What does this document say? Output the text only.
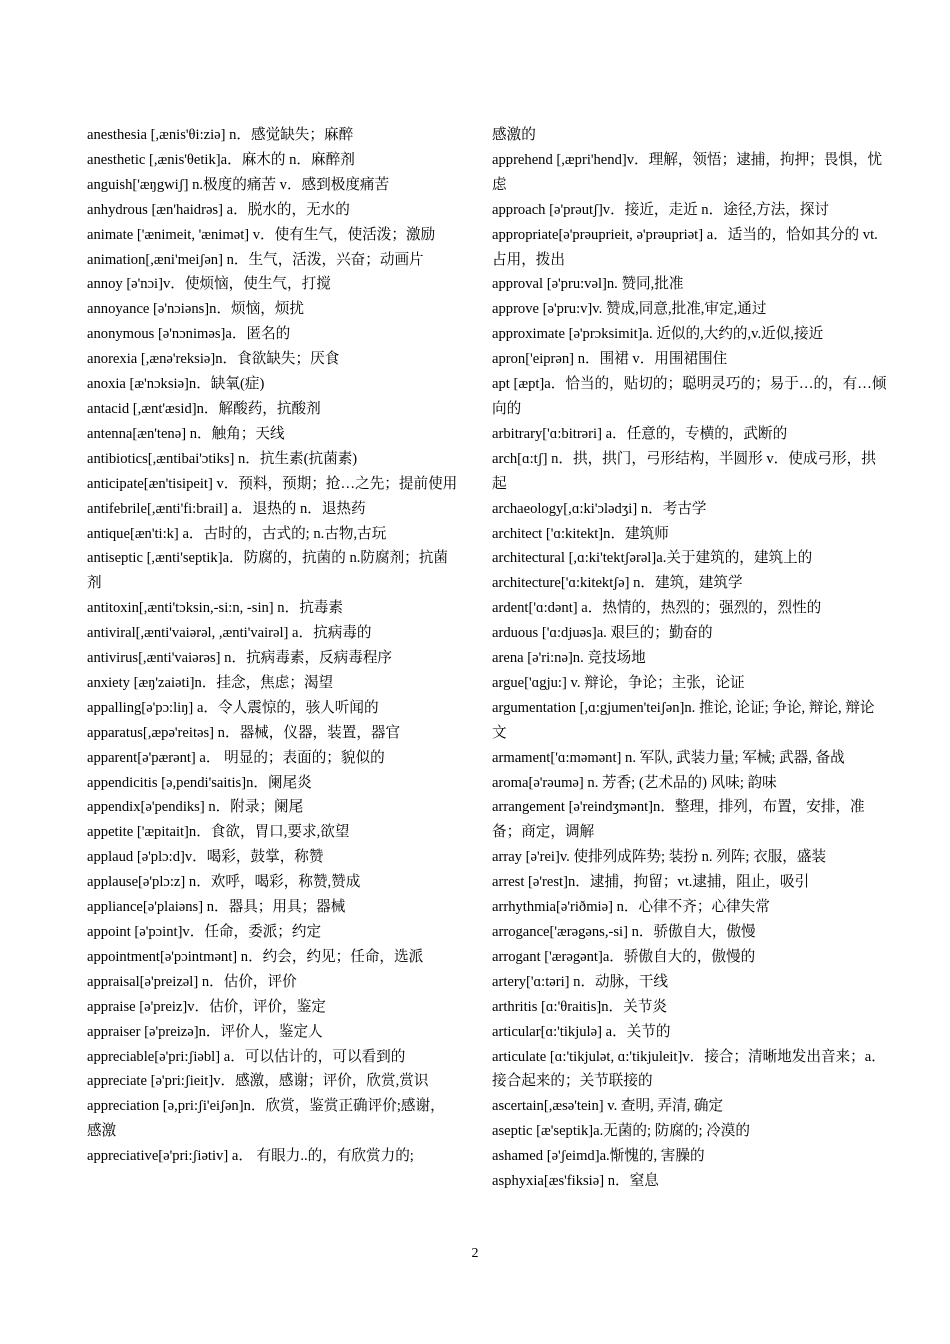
anesthesia [,ænis'θi:ziə] n．感觉缺失；麻醉

anesthetic [,ænis'θetik]a．麻木的 n．麻醉剂

anguish['æŋgwiʃ] n.极度的痛苦 v．感到极度痛苦

anhydrous [æn'haidrəs] a．脱水的，无水的

animate ['ænimeit, 'ænimət] v．使有生气，使活泼；激励

animation[,æni'meiʃən] n．生气，活泼，兴奋；动画片

annoy [ə'nɔi]v．使烦恼，使生气，打搅

annoyance [ə'nɔiəns]n．烦恼，烦扰

anonymous [ə'nɔniməs]a．匿名的

anorexia [,ænə'reksiə]n．食欲缺失；厌食

anoxia [æ'nɔksiə]n．缺氧(症)

antacid [,ænt'æsid]n．解酸药，抗酸剂

antenna[æn'tenə] n．触角；天线

antibiotics[,æntibai'ɔtiks] n．抗生素(抗菌素)

anticipate[æn'tisipeit] v．预料，预期；抢…之先；提前使用

antifebrile[,ænti'fi:brail] a．退热的 n．退热药

antique[æn'ti:k] a．古时的，古式的; n.古物,古玩

antiseptic [,ænti'septik]a．防腐的，抗菌的 n.防腐剂；抗菌剂

antitoxin[,ænti'tɔksin,-si:n, -sin] n．抗毒素

antiviral[,ænti'vaiərəl, ,ænti'vairəl] a．抗病毒的

antivirus[,ænti'vaiərəs] n．抗病毒素，反病毒程序

anxiety [æŋ'zaiəti]n．挂念，焦虑；渴望

appalling[ə'pɔ:liŋ] a．令人震惊的，骇人听闻的

apparatus[,æpə'reitəs] n．器械，仪器，装置，器官

apparent[ə'pærənt] a． 明显的；表面的；貌似的

appendicitis [ə,pendi'saitis]n．阑尾炎

appendix[ə'pendiks] n．附录；阑尾

appetite ['æpitait]n．食欲，胃口,要求,欲望

applaud [ə'plɔ:d]v．喝彩，鼓掌，称赞

applause[ə'plɔ:z] n．欢呼，喝彩，称赞,赞成

appliance[ə'plaiəns] n．器具；用具；器械

appoint [ə'pɔint]v．任命，委派；约定

appointment[ə'pɔintmənt] n．约会，约见；任命，选派

appraisal[ə'preizəl] n．估价，评价

appraise [ə'preiz]v．估价，评价，鉴定

appraiser [ə'preizə]n．评价人，鉴定人

appreciable[ə'pri:ʃiəbl] a．可以估计的，可以看到的

appreciate [ə'pri:ʃieit]v．感激，感谢；评价，欣赏,赏识

appreciation [ə,pri:ʃi'eiʃən]n．欣赏，鉴赏正确评价;感谢，感激

appreciative[ə'pri:ʃiətiv] a． 有眼力..的，有欣赏力的;

感激的

apprehend [,æpri'hend]v．理解，领悟；逮捕，拘押；畏惧，忧虑

approach [ə'prəutʃ]v．接近，走近 n．途径,方法，探讨

appropriate[ə'prəuprieit, ə'prəupriət] a．适当的，恰如其分的 vt.占用，拨出

approval [ə'pru:vəl]n. 赞同,批准

approve [ə'pru:v]v. 赞成,同意,批准,审定,通过

approximate [ə'prɔksimit]a. 近似的,大约的,v.近似,接近

apron['eiprən] n．围裙 v．用围裙围住

apt [æpt]a．恰当的，贴切的；聪明灵巧的；易于…的，有…倾向的

arbitrary['ɑ:bitrəri] a．任意的，专横的，武断的

arch[ɑ:tʃ] n．拱，拱门，弓形结构，半圆形 v．使成弓形，拱起

archaeology[,ɑ:ki'ɔlədʒi] n．考古学

architect ['ɑ:kitekt]n．建筑师

architectural [,ɑ:ki'tektʃərəl]a.关于建筑的，建筑上的

architecture['ɑ:kitektʃə] n．建筑，建筑学

ardent['ɑ:dənt] a．热情的，热烈的；强烈的，烈性的

arduous ['ɑ:djuəs]a. 艰巨的；勤奋的

arena [ə'ri:nə]n. 竞技场地

argue['ɑgju:] v. 辩论，争论；主张，论证

argumentation [,ɑ:gjumen'teiʃən]n. 推论, 论证; 争论, 辩论, 辩论文

armament['ɑ:məmənt] n. 军队, 武装力量; 军械; 武器, 备战

aroma[ə'rəumə] n. 芳香; (艺术品的) 风味; 韵味

arrangement [ə'reindʒmənt]n．整理，排列，布置，安排，准备；商定，调解

array [ə'rei]v. 使排列成阵势; 装扮 n. 列阵; 衣服，盛装

arrest [ə'rest]n．逮捕，拘留；vt.逮捕，阻止，吸引

arrhythmia[ə'riðmiə] n．心律不齐；心律失常

arrogance['ærəgəns,-si] n．骄傲自大，傲慢

arrogant ['ærəgənt]a．骄傲自大的，傲慢的

artery['ɑ:təri] n．动脉，干线

arthritis [ɑ:'θraitis]n．关节炎

articular[ɑ:'tikjulə] a．关节的

articulate [ɑ:'tikjulət, ɑ:'tikjuleit]v．接合；清晰地发出音来；a．接合起来的；关节联接的

ascertain[,æsə'tein] v. 查明, 弄清, 确定

aseptic [æ'septik]a.无菌的; 防腐的; 冷漠的

ashamed [ə'ʃeimd]a.惭愧的, 害臊的

asphyxia[æs'fiksiə] n．窒息

2
